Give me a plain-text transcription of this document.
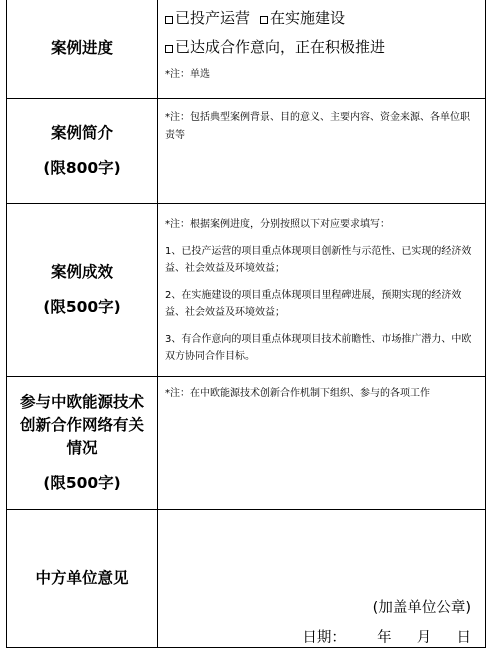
案例进度
已投产运营 在实施建设
已达成合作意向，正在积极推进

*注：单选

案例简介
(限800字)

*注：包括典型案例背景、目的意义、主要内容、资金来源、各单位职责等

案例成效
(限500字)

*注：根据案例进度，分别按照以下对应要求填写：

1、已投产运营的项目重点体现项目创新性与示范性、已实现的经济效益、社会效益及环境效益；

2、在实施建设的项目重点体现项目里程碑进展，预期实现的经济效益、社会效益及环境效益；

3、有合作意向的项目重点体现项目技术前瞻性、市场推广潜力、中欧双方协同合作目标。

参与中欧能源技术
创新合作网络有关
情况
(限500字)

*注：在中欧能源技术创新合作机制下组织、参与的各项工作

中方单位意见
(加盖单位公章)
日期： 年 月 日
